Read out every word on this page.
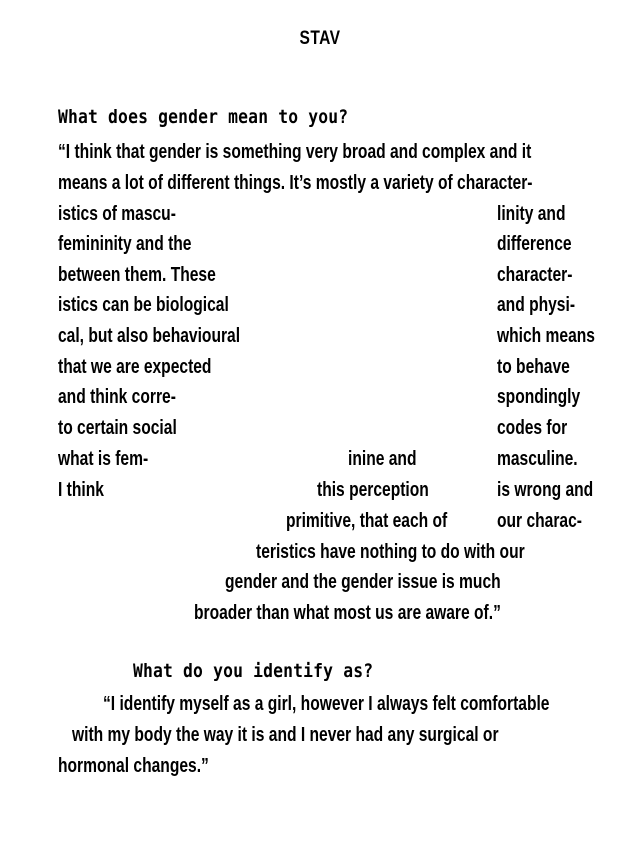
STAV
What does gender mean to you?
“I think that gender is something very broad and complex and it
means a lot of different things. It’s mostly a variety of character-
istics of mascu-
femininity and the
between them. These
istics can be biological
cal, but also behavioural
that we are expected
and think corre-
to certain social
what is fem-
I think
linity and
difference
character-
and physi-
which means
to behave
spondingly
codes for
masculine.
is wrong and
our charac-
inine and
this perception
primitive, that each of
teristics have nothing to do with our
gender and the gender issue is much
broader than what most us are aware of.”
What do you identify as?
“I identify myself as a girl, however I always felt comfortable
with my body the way it is and I never had any surgical or
hormonal changes.”
